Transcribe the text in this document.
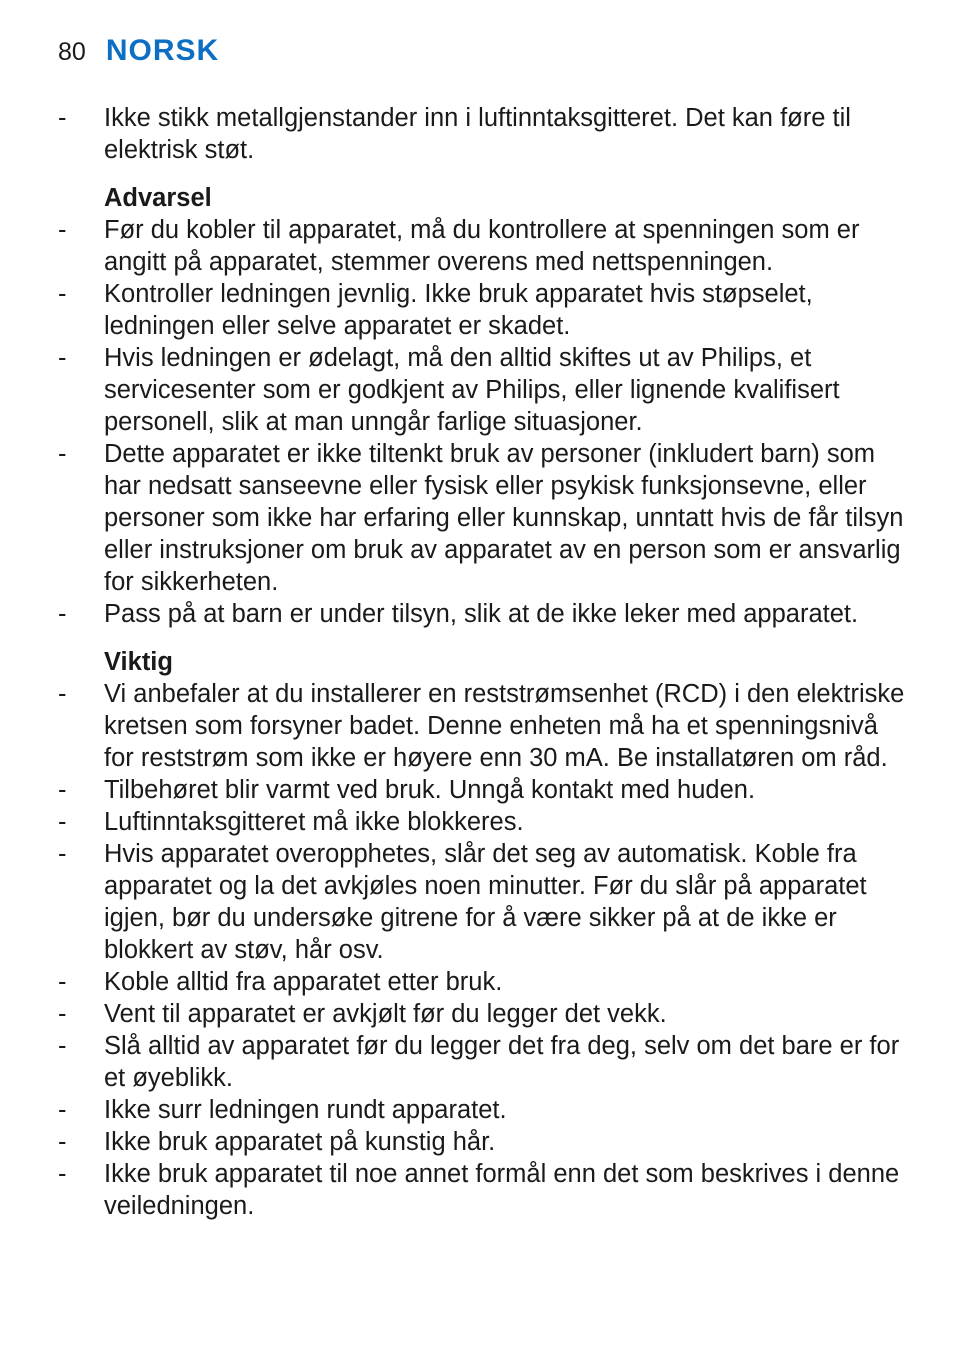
80 NORSK
- Ikke stikk metallgjenstander inn i luftinntaksgitteret. Det kan føre til elektrisk støt.
Advarsel
- Før du kobler til apparatet, må du kontrollere at spenningen som er angitt på apparatet, stemmer overens med nettspenningen.
- Kontroller ledningen jevnlig. Ikke bruk apparatet hvis støpselet, ledningen eller selve apparatet er skadet.
- Hvis ledningen er ødelagt, må den alltid skiftes ut av Philips, et servicesenter som er godkjent av Philips, eller lignende kvalifisert personell, slik at man unngår farlige situasjoner.
- Dette apparatet er ikke tiltenkt bruk av personer (inkludert barn) som har nedsatt sanseevne eller fysisk eller psykisk funksjonsevne, eller personer som ikke har erfaring eller kunnskap, unntatt hvis de får tilsyn eller instruksjoner om bruk av apparatet av en person som er ansvarlig for sikkerheten.
- Pass på at barn er under tilsyn, slik at de ikke leker med apparatet.
Viktig
- Vi anbefaler at du installerer en reststrømsenhet (RCD) i den elektriske kretsen som forsyner badet. Denne enheten må ha et spenningsnivå for reststrøm som ikke er høyere enn 30 mA. Be installatøren om råd.
- Tilbehøret blir varmt ved bruk. Unngå kontakt med huden.
- Luftinntaksgitteret må ikke blokkeres.
- Hvis apparatet overopphetes, slår det seg av automatisk. Koble fra apparatet og la det avkjøles noen minutter. Før du slår på apparatet igjen, bør du undersøke gitrene for å være sikker på at de ikke er blokkert av støv, hår osv.
- Koble alltid fra apparatet etter bruk.
- Vent til apparatet er avkjølt før du legger det vekk.
- Slå alltid av apparatet før du legger det fra deg, selv om det bare er for et øyeblikk.
- Ikke surr ledningen rundt apparatet.
- Ikke bruk apparatet på kunstig hår.
- Ikke bruk apparatet til noe annet formål enn det som beskrives i denne veiledningen.
